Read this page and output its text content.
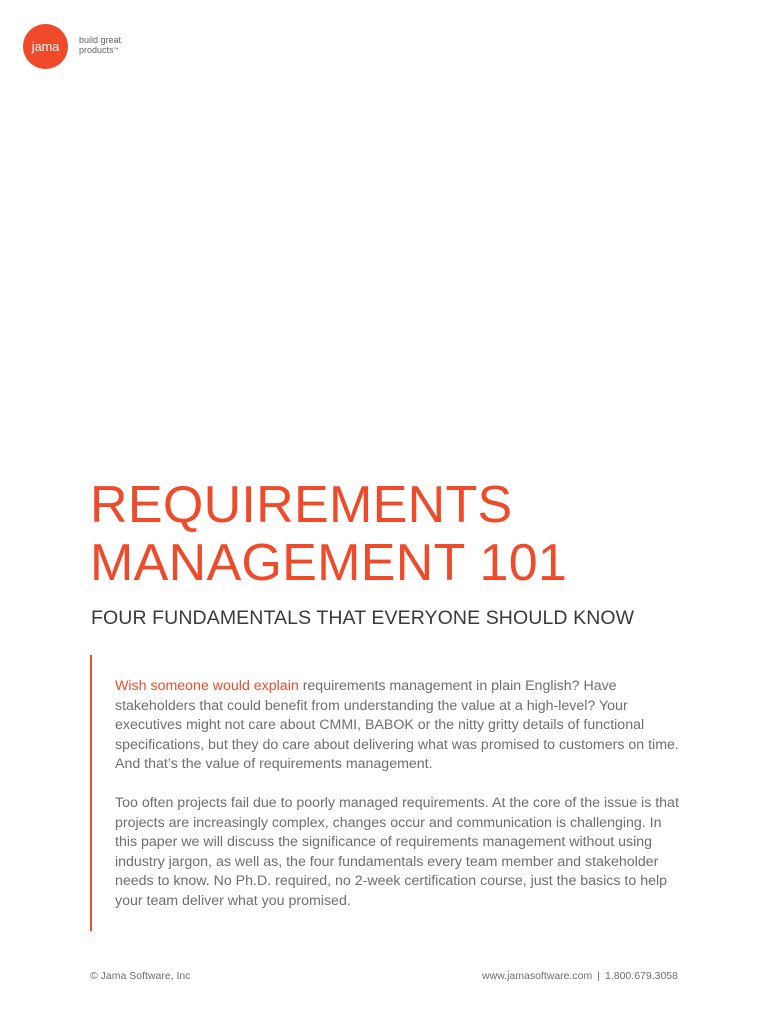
jama build great
products™
REQUIREMENTS
MANAGEMENT 101
FOUR FUNDAMENTALS THAT EVERYONE SHOULD KNOW

Wish someone would explain requirements management in plain English? Have stakeholders that could benefit from understanding the value at a high-level? Your executives might not care about CMMI, BABOK or the nitty gritty details of functional specifications, but they do care about delivering what was promised to customers on time. And that’s the value of requirements management.

Too often projects fail due to poorly managed requirements. At the core of the issue is that projects are increasingly complex, changes occur and communication is challenging. In this paper we will discuss the significance of requirements management without using industry jargon, as well as, the four fundamentals every team member and stakeholder needs to know. No Ph.D. required, no 2-week certification course, just the basics to help your team deliver what you promised.

© Jama Software, Inc	www.jamasoftware.com | 1.800.679.3058
